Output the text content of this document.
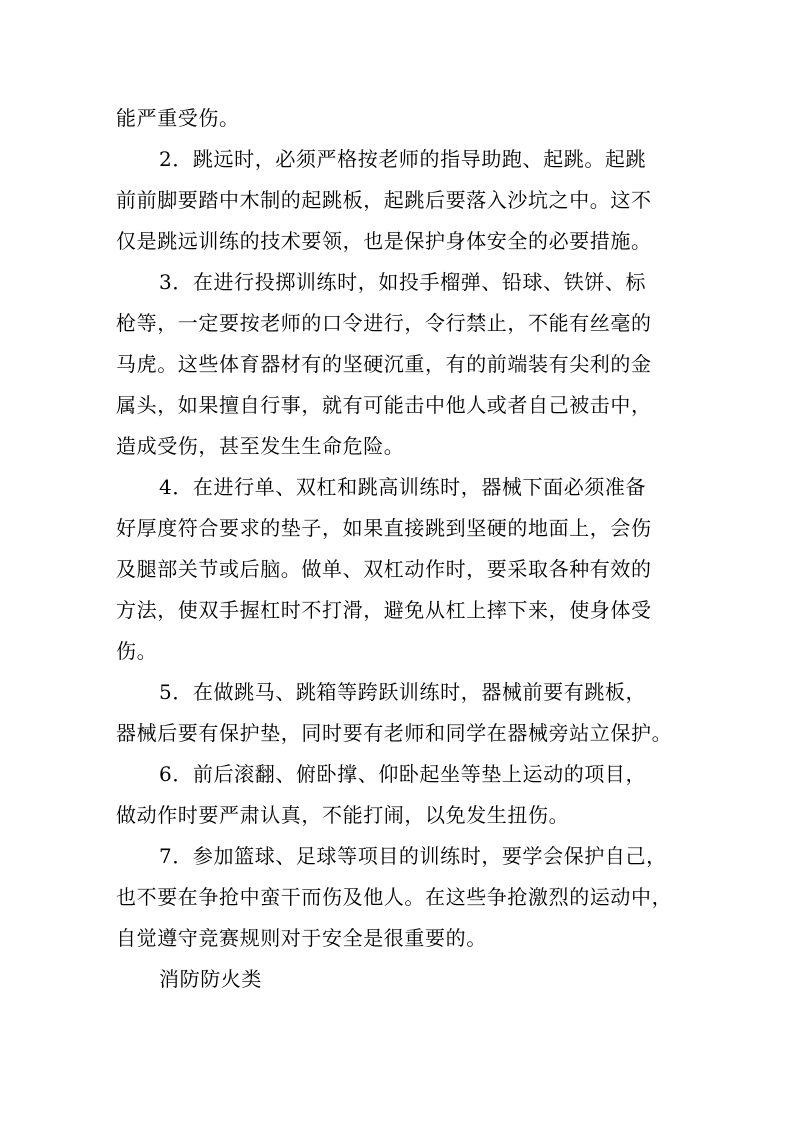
能严重受伤。
2．跳远时，必须严格按老师的指导助跑、起跳。起跳
前前脚要踏中木制的起跳板，起跳后要落入沙坑之中。这不
仅是跳远训练的技术要领，也是保护身体安全的必要措施。
3．在进行投掷训练时，如投手榴弹、铅球、铁饼、标
枪等，一定要按老师的口令进行，令行禁止，不能有丝毫的
马虎。这些体育器材有的坚硬沉重，有的前端装有尖利的金
属头，如果擅自行事，就有可能击中他人或者自己被击中，
造成受伤，甚至发生生命危险。
4．在进行单、双杠和跳高训练时，器械下面必须准备
好厚度符合要求的垫子，如果直接跳到坚硬的地面上，会伤
及腿部关节或后脑。做单、双杠动作时，要采取各种有效的
方法，使双手握杠时不打滑，避免从杠上摔下来，使身体受
伤。
5．在做跳马、跳箱等跨跃训练时，器械前要有跳板，
器械后要有保护垫，同时要有老师和同学在器械旁站立保护。
6．前后滚翻、俯卧撑、仰卧起坐等垫上运动的项目，
做动作时要严肃认真，不能打闹，以免发生扭伤。
7．参加篮球、足球等项目的训练时，要学会保护自己，
也不要在争抢中蛮干而伤及他人。在这些争抢激烈的运动中，
自觉遵守竞赛规则对于安全是很重要的。
消防防火类
